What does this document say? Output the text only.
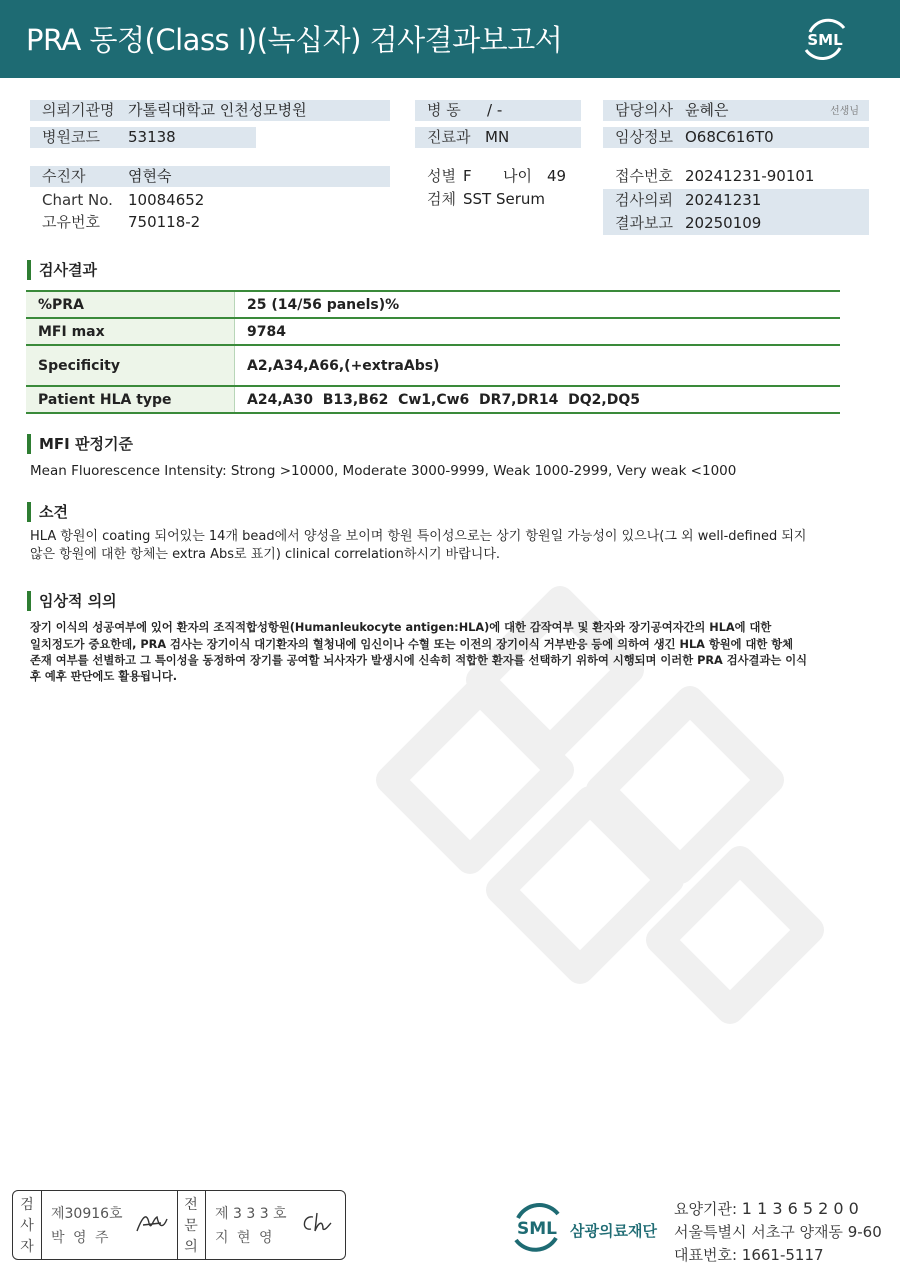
PRA 동정(Class I)(녹십자) 검사결과보고서	SML
의뢰기관명 가톨릭대학교 인천성모병원
병원코드 53138
수진자	염현숙
Chart No. 10084652
고유번호 750118-2
병 동 / -
진료과 MN
성별 F 나이 49
검체 SST Serum
담당의사 윤혜은	선생님
임상정보 O68C616T0
접수번호 20241231-90101
검사의뢰 20241231
결과보고 20250109
검사결과
%PRA	25 (14/56 panels)%
MFI max	9784
Specificity	A2,A34,A66,(+extraAbs)
Patient HLA type	A24,A30  B13,B62  Cw1,Cw6  DR7,DR14  DQ2,DQ5
MFI 판정기준
Mean Fluorescence Intensity: Strong >10000, Moderate 3000-9999, Weak 1000-2999, Very weak <1000
소견
HLA 항원이 coating 되어있는 14개 bead에서 양성을 보이며 항원 특이성으로는 상기 항원일 가능성이 있으나(그 외 well-defined 되지
않은 항원에 대한 항체는 extra Abs로 표기) clinical correlation하시기 바랍니다.
임상적 의의
장기 이식의 성공여부에 있어 환자의 조직적합성항원(Humanleukocyte antigen:HLA)에 대한 감작여부 및 환자와 장기공여자간의 HLA에 대한
일치정도가 중요한데, PRA 검사는 장기이식 대기환자의 혈청내에 임신이나 수혈 또는 이전의 장기이식 거부반응 등에 의하여 생긴 HLA 항원에 대한 항체
존재 여부를 선별하고 그 특이성을 동정하여 장기를 공여할 뇌사자가 발생시에 신속히 적합한 환자를 선택하기 위하여 시행되며 이러한 PRA 검사결과는 이식
후 예후 판단에도 활용됩니다.
검
사
자
제30916호
박 영 주
전
문
의
제 3 3 3 호
지 현 영	SML 삼광의료재단
요양기관: 1 1 3 6 5 2 0 0
서울특별시 서초구 양재동 9-60
대표번호: 1661-5117
